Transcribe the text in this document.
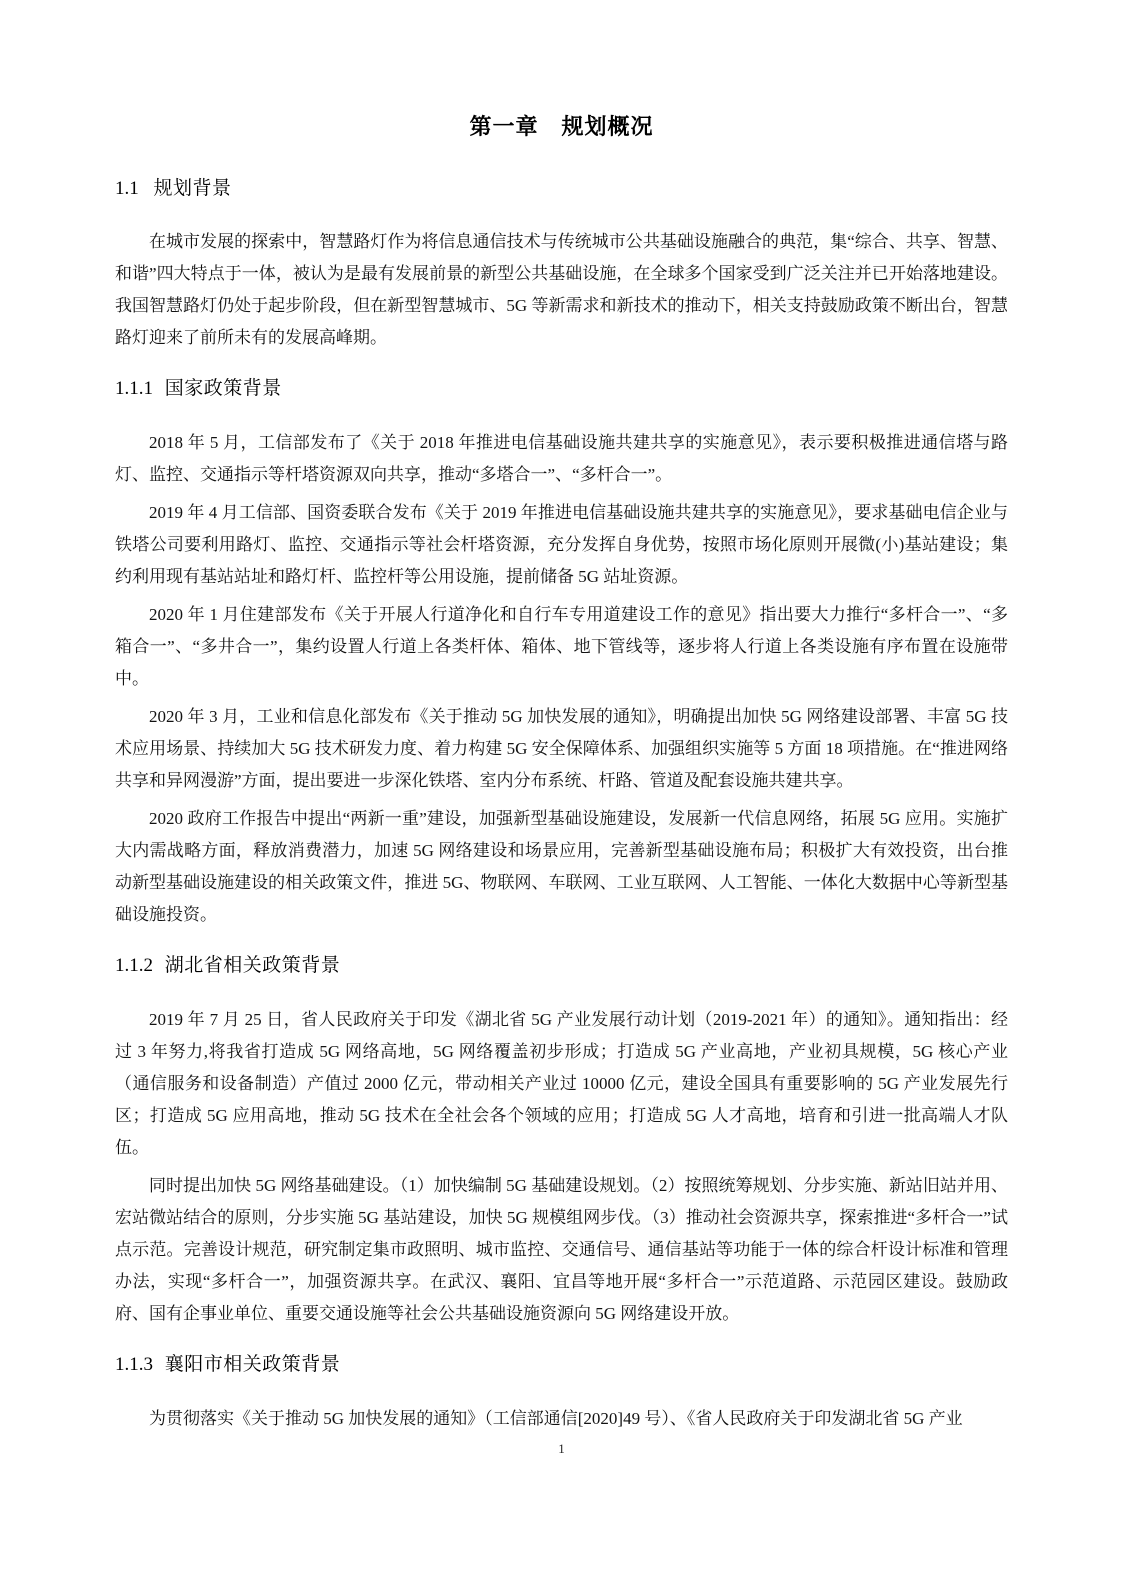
第一章　规划概况
1.1 规划背景

在城市发展的探索中，智慧路灯作为将信息通信技术与传统城市公共基础设施融合的典范，集“综合、共享、智慧、和谐”四大特点于一体，被认为是最有发展前景的新型公共基础设施，在全球多个国家受到广泛关注并已开始落地建设。我国智慧路灯仍处于起步阶段，但在新型智慧城市、5G 等新需求和新技术的推动下，相关支持鼓励政策不断出台，智慧路灯迎来了前所未有的发展高峰期。

1.1.1 国家政策背景

2018 年 5 月，工信部发布了《关于 2018 年推进电信基础设施共建共享的实施意见》，表示要积极推进通信塔与路灯、监控、交通指示等杆塔资源双向共享，推动“多塔合一”、“多杆合一”。

2019 年 4 月工信部、国资委联合发布《关于 2019 年推进电信基础设施共建共享的实施意见》，要求基础电信企业与铁塔公司要利用路灯、监控、交通指示等社会杆塔资源，充分发挥自身优势，按照市场化原则开展微(小)基站建设；集约利用现有基站站址和路灯杆、监控杆等公用设施，提前储备 5G 站址资源。

2020 年 1 月住建部发布《关于开展人行道净化和自行车专用道建设工作的意见》指出要大力推行“多杆合一”、“多箱合一”、“多井合一”，集约设置人行道上各类杆体、箱体、地下管线等，逐步将人行道上各类设施有序布置在设施带中。

2020 年 3 月，工业和信息化部发布《关于推动 5G 加快发展的通知》，明确提出加快 5G 网络建设部署、丰富 5G 技术应用场景、持续加大 5G 技术研发力度、着力构建 5G 安全保障体系、加强组织实施等 5 方面 18 项措施。在“推进网络共享和异网漫游”方面，提出要进一步深化铁塔、室内分布系统、杆路、管道及配套设施共建共享。

2020 政府工作报告中提出“两新一重”建设，加强新型基础设施建设，发展新一代信息网络，拓展 5G 应用。实施扩大内需战略方面，释放消费潜力，加速 5G 网络建设和场景应用，完善新型基础设施布局；积极扩大有效投资，出台推动新型基础设施建设的相关政策文件，推进 5G、物联网、车联网、工业互联网、人工智能、一体化大数据中心等新型基础设施投资。

1.1.2 湖北省相关政策背景

2019 年 7 月 25 日，省人民政府关于印发《湖北省 5G 产业发展行动计划（2019-2021 年）的通知》。通知指出：经过 3 年努力,将我省打造成 5G 网络高地，5G 网络覆盖初步形成；打造成 5G 产业高地，产业初具规模，5G 核心产业（通信服务和设备制造）产值过 2000 亿元，带动相关产业过 10000 亿元，建设全国具有重要影响的 5G 产业发展先行区；打造成 5G 应用高地，推动 5G 技术在全社会各个领域的应用；打造成 5G 人才高地，培育和引进一批高端人才队伍。

同时提出加快 5G 网络基础建设。（1）加快编制 5G 基础建设规划。（2）按照统筹规划、分步实施、新站旧站并用、宏站微站结合的原则，分步实施 5G 基站建设，加快 5G 规模组网步伐。（3）推动社会资源共享，探索推进“多杆合一”试点示范。完善设计规范，研究制定集市政照明、城市监控、交通信号、通信基站等功能于一体的综合杆设计标准和管理办法，实现“多杆合一”，加强资源共享。在武汉、襄阳、宜昌等地开展“多杆合一”示范道路、示范园区建设。鼓励政府、国有企事业单位、重要交通设施等社会公共基础设施资源向 5G 网络建设开放。

1.1.3 襄阳市相关政策背景

为贯彻落实《关于推动 5G 加快发展的通知》（工信部通信[2020]49 号）、《省人民政府关于印发湖北省 5G 产业

1
